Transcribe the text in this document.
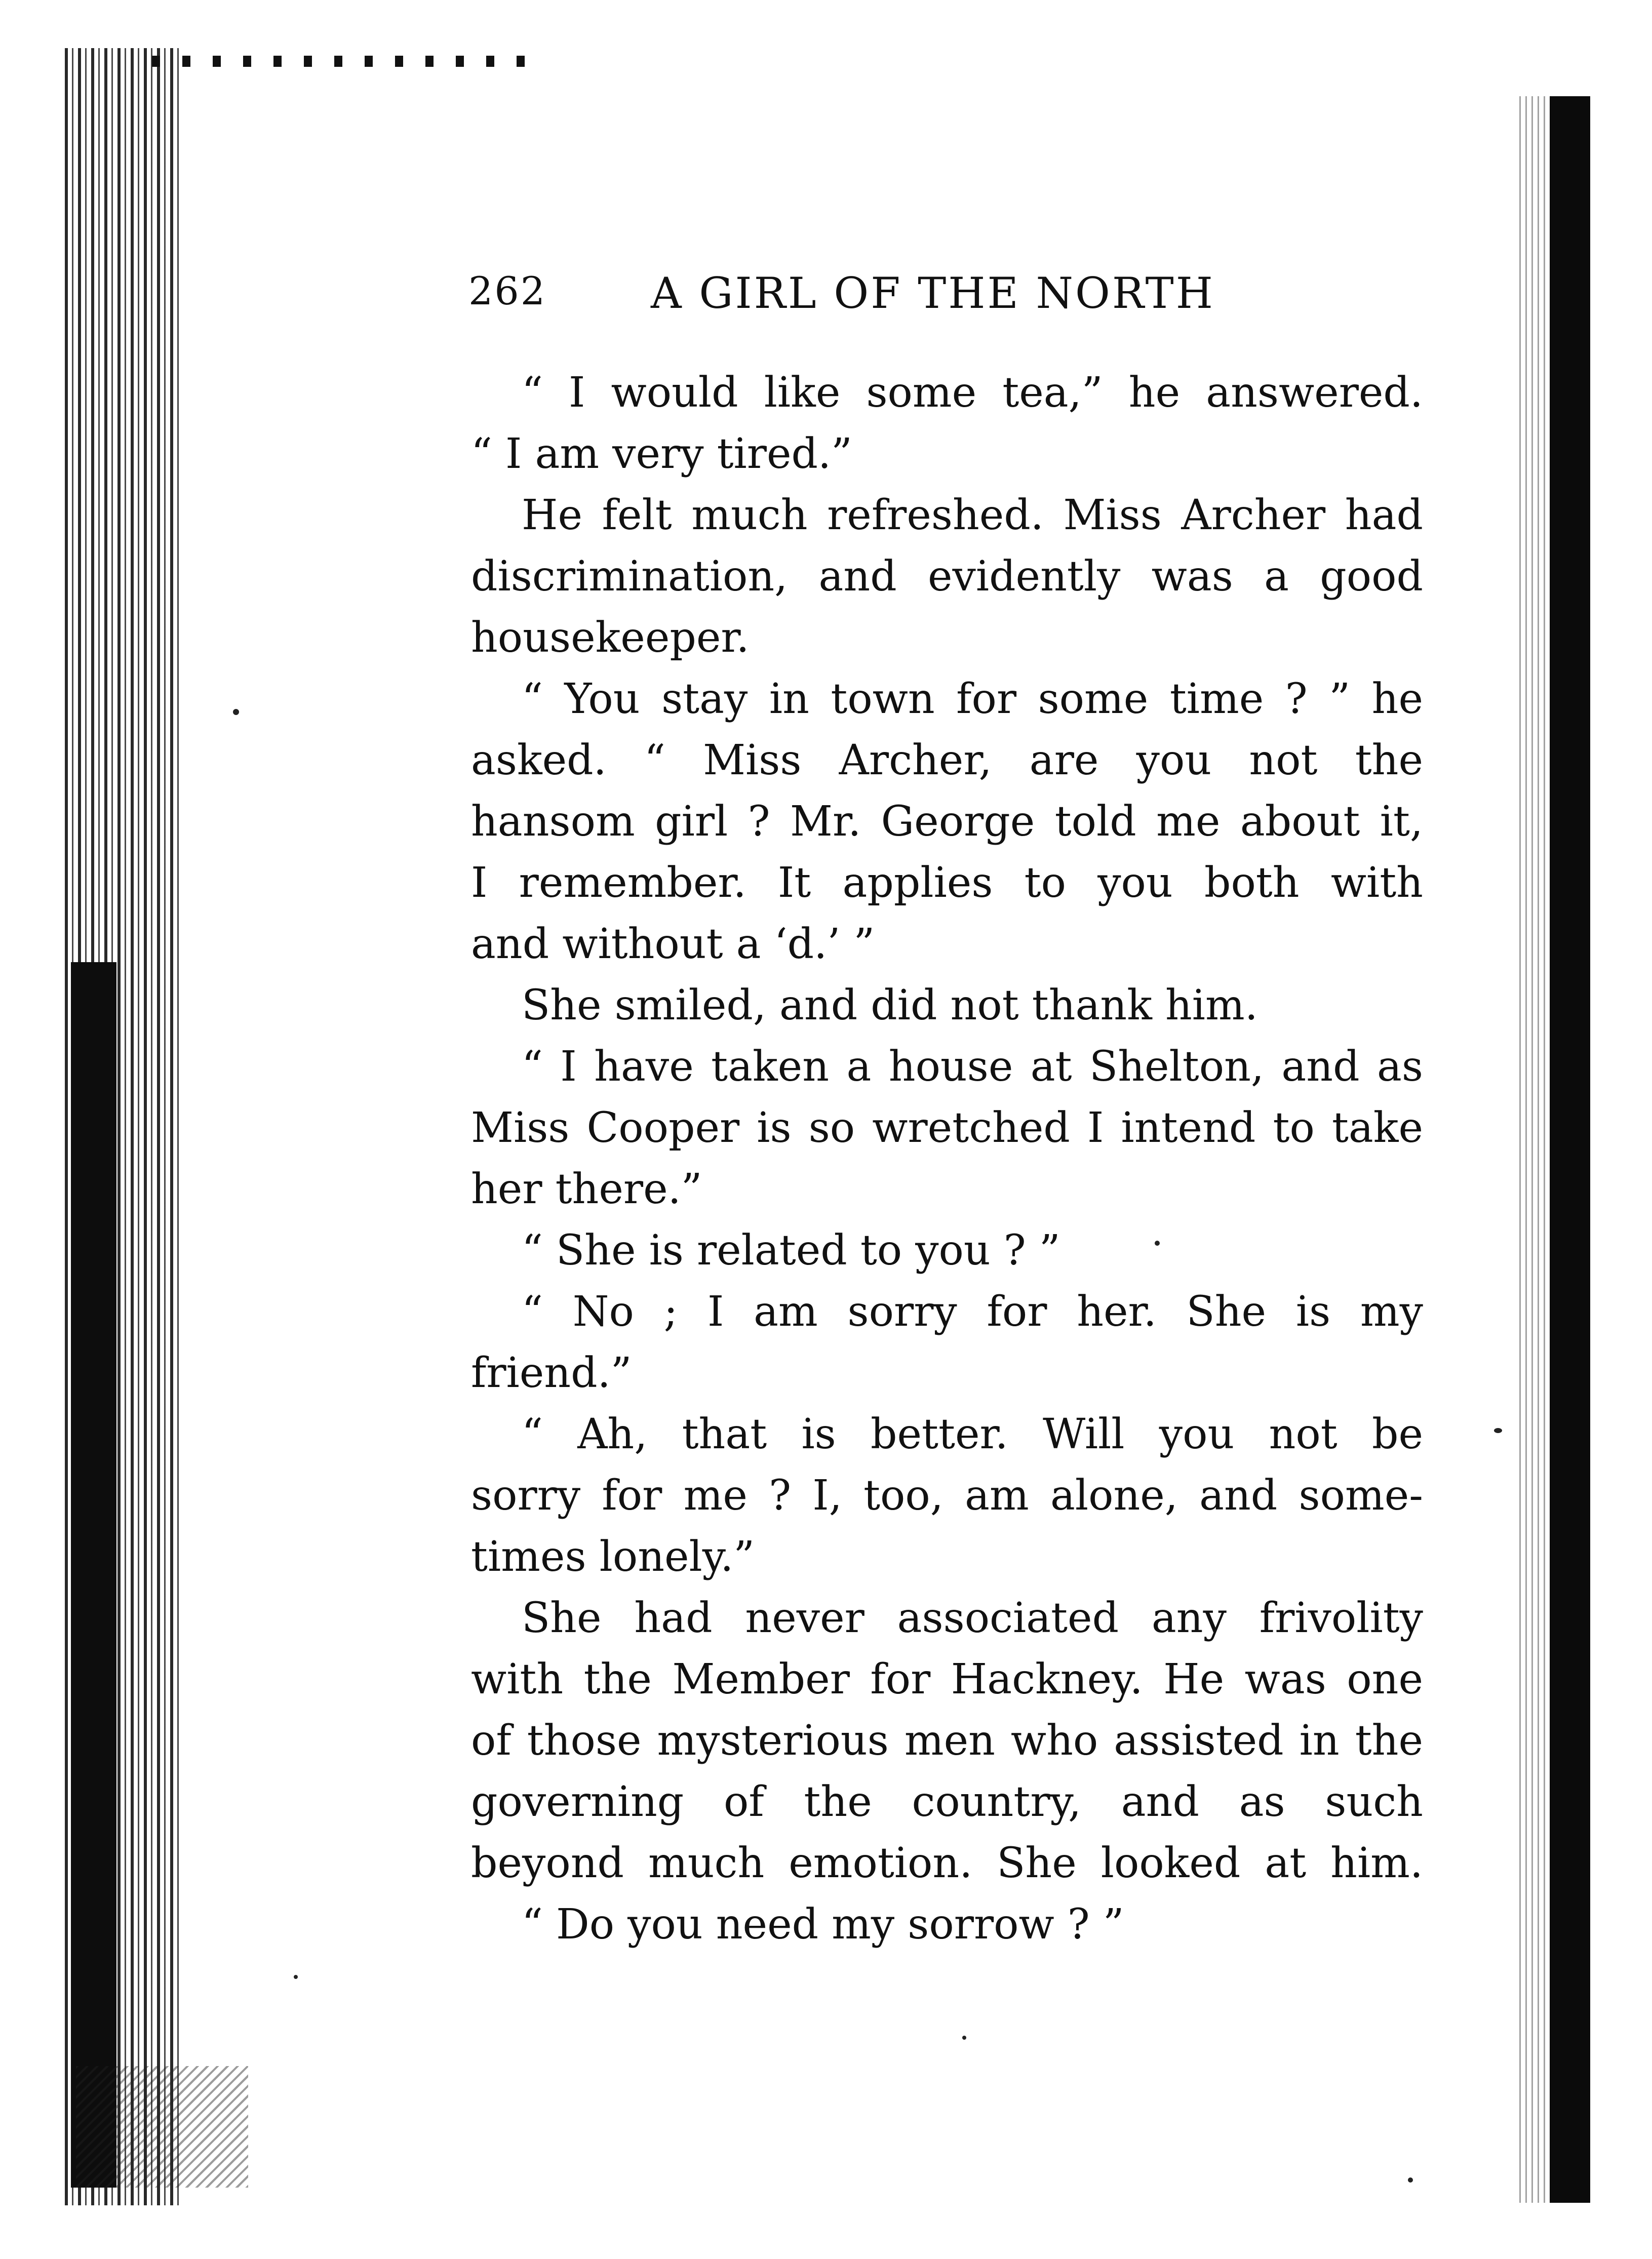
262 A GIRL OF THE NORTH
“ I would like some tea,” he answered.
“ I am very tired.”
He felt much refreshed. Miss Archer had
discrimination, and evidently was a good
housekeeper.
“ You stay in town for some time ? ” he
asked. “ Miss Archer, are you not the
hansom girl ? Mr. George told me about it,
I remember. It applies to you both with
and without a ‘d.’ ”
She smiled, and did not thank him.
“ I have taken a house at Shelton, and as
Miss Cooper is so wretched I intend to take
her there.”
“ She is related to you ? ”
“ No ; I am sorry for her. She is my
friend.”
“ Ah, that is better. Will you not be
sorry for me ? I, too, am alone, and some-
times lonely.”
She had never associated any frivolity
with the Member for Hackney. He was one
of those mysterious men who assisted in the
governing of the country, and as such
beyond much emotion. She looked at him.
“ Do you need my sorrow ? ”
